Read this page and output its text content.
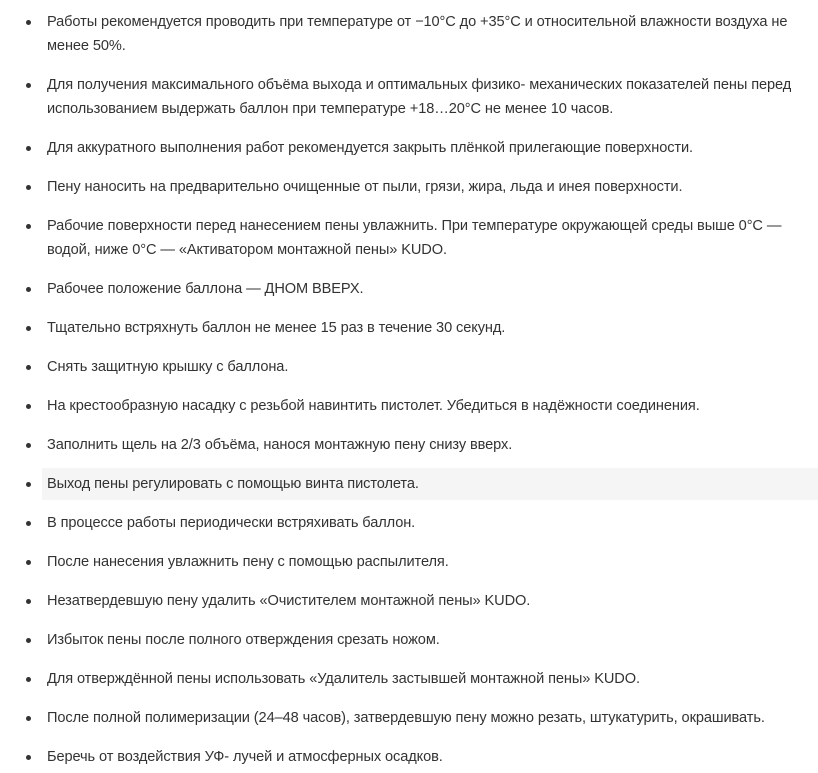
Работы рекомендуется проводить при температуре от −10°C до +35°C и относительной влажности воздуха не менее 50%.
Для получения максимального объёма выхода и оптимальных физико- механических показателей пены перед использованием выдержать баллон при температуре +18…20°C не менее 10 часов.
Для аккуратного выполнения работ рекомендуется закрыть плёнкой прилегающие поверхности.
Пену наносить на предварительно очищенные от пыли, грязи, жира, льда и инея поверхности.
Рабочие поверхности перед нанесением пены увлажнить. При температуре окружающей среды выше 0°C — водой, ниже 0°C — «Активатором монтажной пены» KUDO.
Рабочее положение баллона — ДНОМ ВВЕРХ.
Тщательно встряхнуть баллон не менее 15 раз в течение 30 секунд.
Снять защитную крышку с баллона.
На крестообразную насадку с резьбой навинтить пистолет. Убедиться в надёжности соединения.
Заполнить щель на 2/3 объёма, нанося монтажную пену снизу вверх.
Выход пены регулировать с помощью винта пистолета.
В процессе работы периодически встряхивать баллон.
После нанесения увлажнить пену с помощью распылителя.
Незатвердевшую пену удалить «Очистителем монтажной пены» KUDO.
Избыток пены после полного отверждения срезать ножом.
Для отверждённой пены использовать «Удалитель застывшей монтажной пены» KUDO.
После полной полимеризации (24–48 часов), затвердевшую пену можно резать, штукатурить, окрашивать.
Беречь от воздействия УФ- лучей и атмосферных осадков.
